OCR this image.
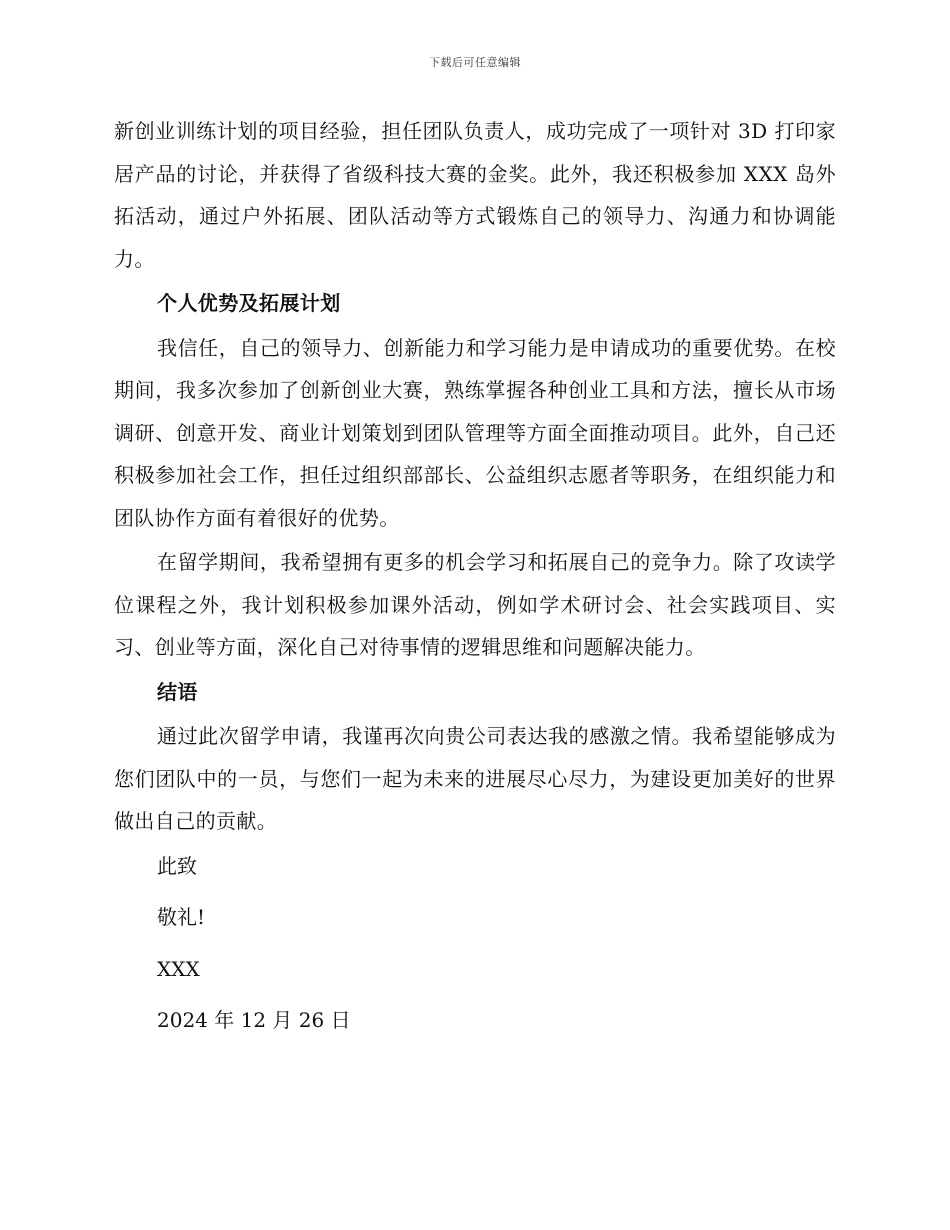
下载后可任意编辑

新创业训练计划的项目经验，担任团队负责人，成功完成了一项针对 3D 打印家居产品的讨论，并获得了省级科技大赛的金奖。此外，我还积极参加 XXX 岛外拓活动，通过户外拓展、团队活动等方式锻炼自己的领导力、沟通力和协调能力。

个人优势及拓展计划

我信任，自己的领导力、创新能力和学习能力是申请成功的重要优势。在校期间，我多次参加了创新创业大赛，熟练掌握各种创业工具和方法，擅长从市场调研、创意开发、商业计划策划到团队管理等方面全面推动项目。此外，自己还积极参加社会工作，担任过组织部部长、公益组织志愿者等职务，在组织能力和团队协作方面有着很好的优势。

在留学期间，我希望拥有更多的机会学习和拓展自己的竞争力。除了攻读学位课程之外，我计划积极参加课外活动，例如学术研讨会、社会实践项目、实习、创业等方面，深化自己对待事情的逻辑思维和问题解决能力。

结语

通过此次留学申请，我谨再次向贵公司表达我的感激之情。我希望能够成为您们团队中的一员，与您们一起为未来的进展尽心尽力，为建设更加美好的世界做出自己的贡献。

此致

敬礼!

XXX

2024 年 12 月 26 日
